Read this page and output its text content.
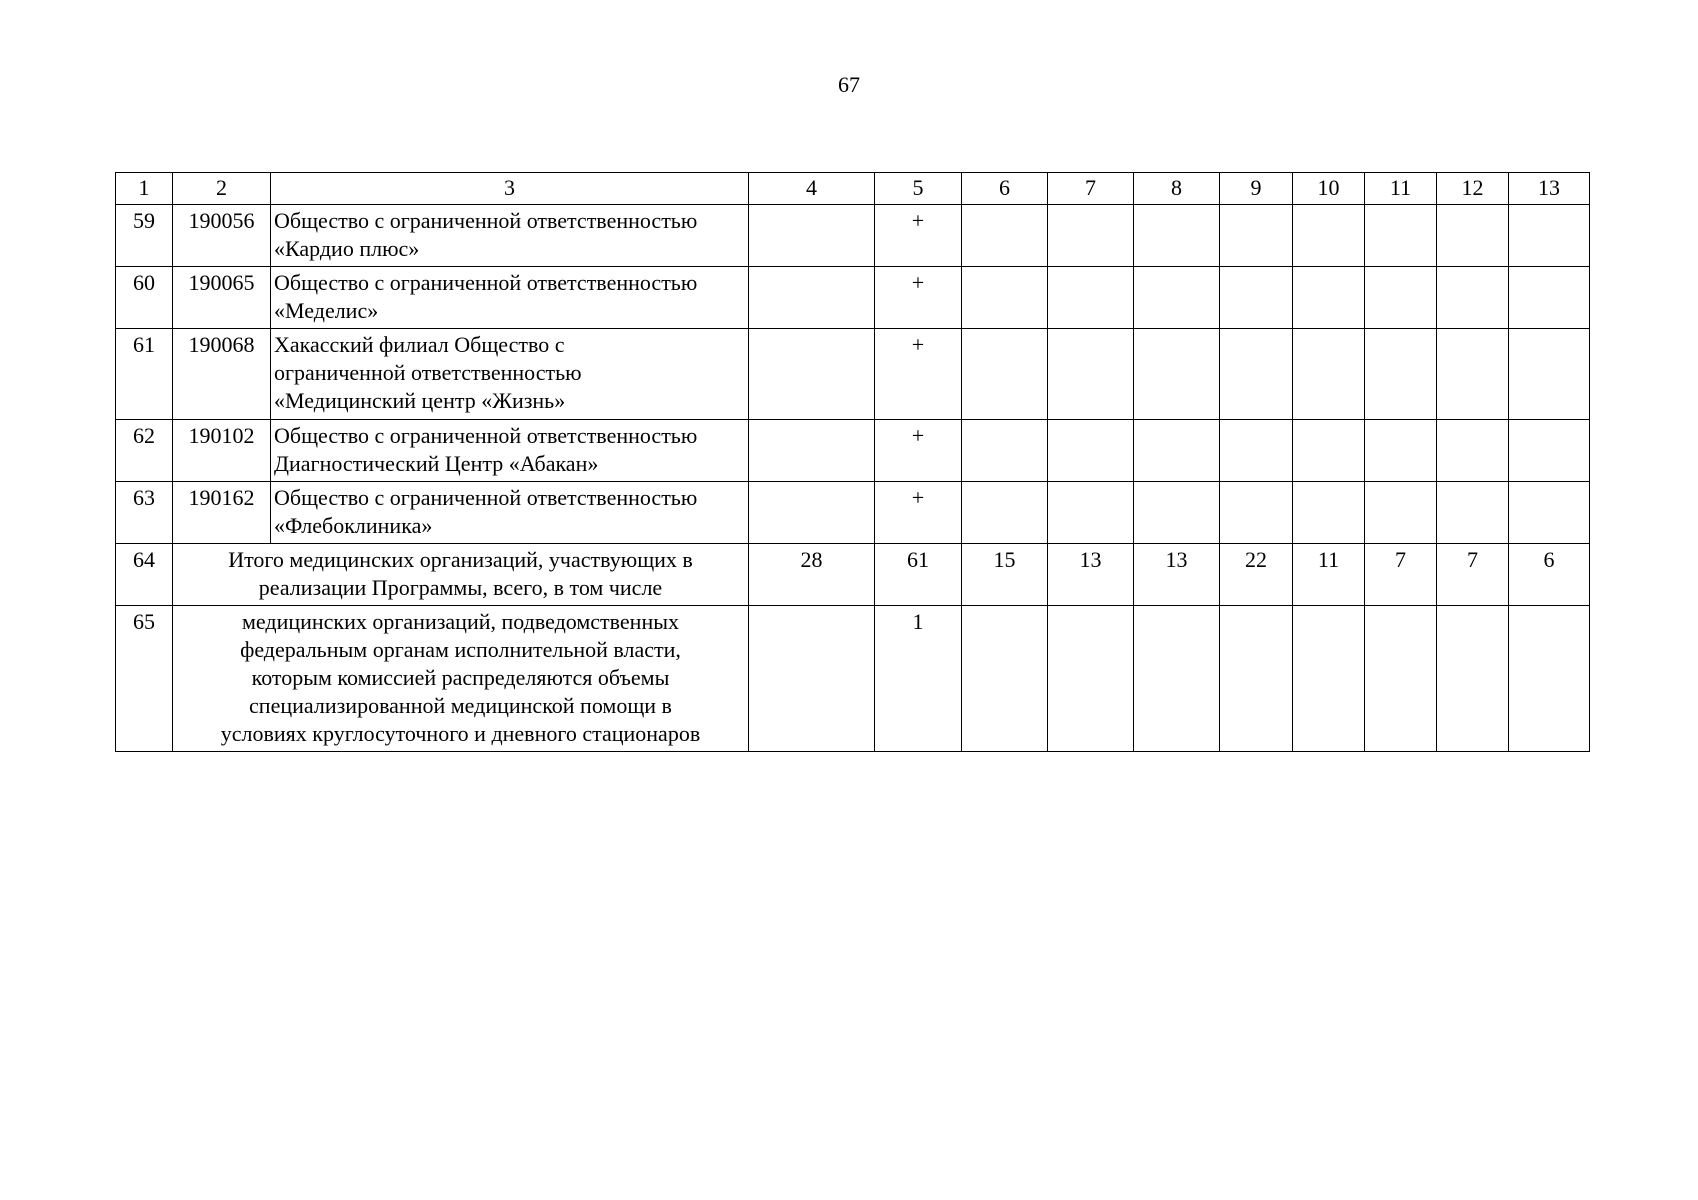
67
1	2	3	4	5	6	7	8	9	10	11	12	13
59	190056	Общество с ограниченной ответственностью
«Кардио плюс»		+								
60	190065	Общество с ограниченной ответственностью
«Меделис»		+								
61	190068	Хакасский филиал Общество с
ограниченной ответственностью
«Медицинский центр «Жизнь»		+								
62	190102	Общество с ограниченной ответственностью
Диагностический Центр «Абакан»		+								
63	190162	Общество с ограниченной ответственностью
«Флебоклиника»		+								
64	Итого медицинских организаций, участвующих в
реализации Программы, всего, в том числе		28	61	15	13	13	22	11	7	7	6
65	медицинских организаций, подведомственных
федеральным органам исполнительной власти,
которым комиссией распределяются объемы
специализированной медицинской помощи в
условиях круглосуточного и дневного стационаров			1								
